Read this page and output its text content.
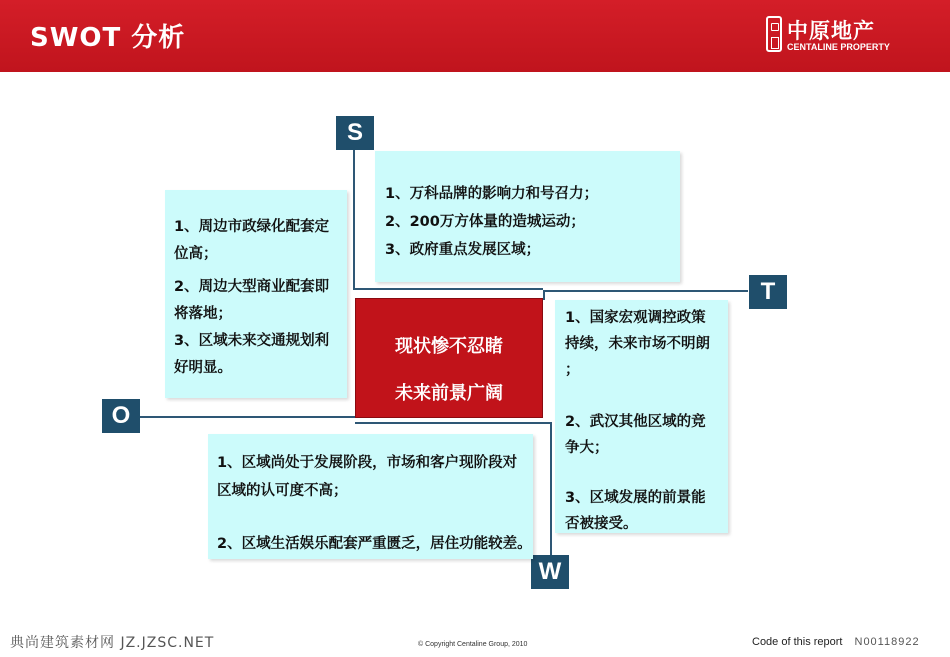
SWOT 分析	中原地产
CENTALINE PROPERTY
S
T
O
W

1、万科品牌的影响力和号召力；

2、200万方体量的造城运动；

3、政府重点发展区域；

1、周边市政绿化配套定

位高；

2、周边大型商业配套即

将落地；

3、区域未来交通规划利

好明显。

现状惨不忍睹
未来前景广阔

1、国家宏观调控政策

持续，未来市场不明朗

；

2、武汉其他区域的竞

争大；

3、区域发展的前景能

否被接受。

1、区域尚处于发展阶段，市场和客户现阶段对

区域的认可度不高；

2、区域生活娱乐配套严重匮乏，居住功能较差。

典尚建筑素材网 JZ.JZSC.NET	© Copyright Centaline Group, 2010	Code of this report N00118922
